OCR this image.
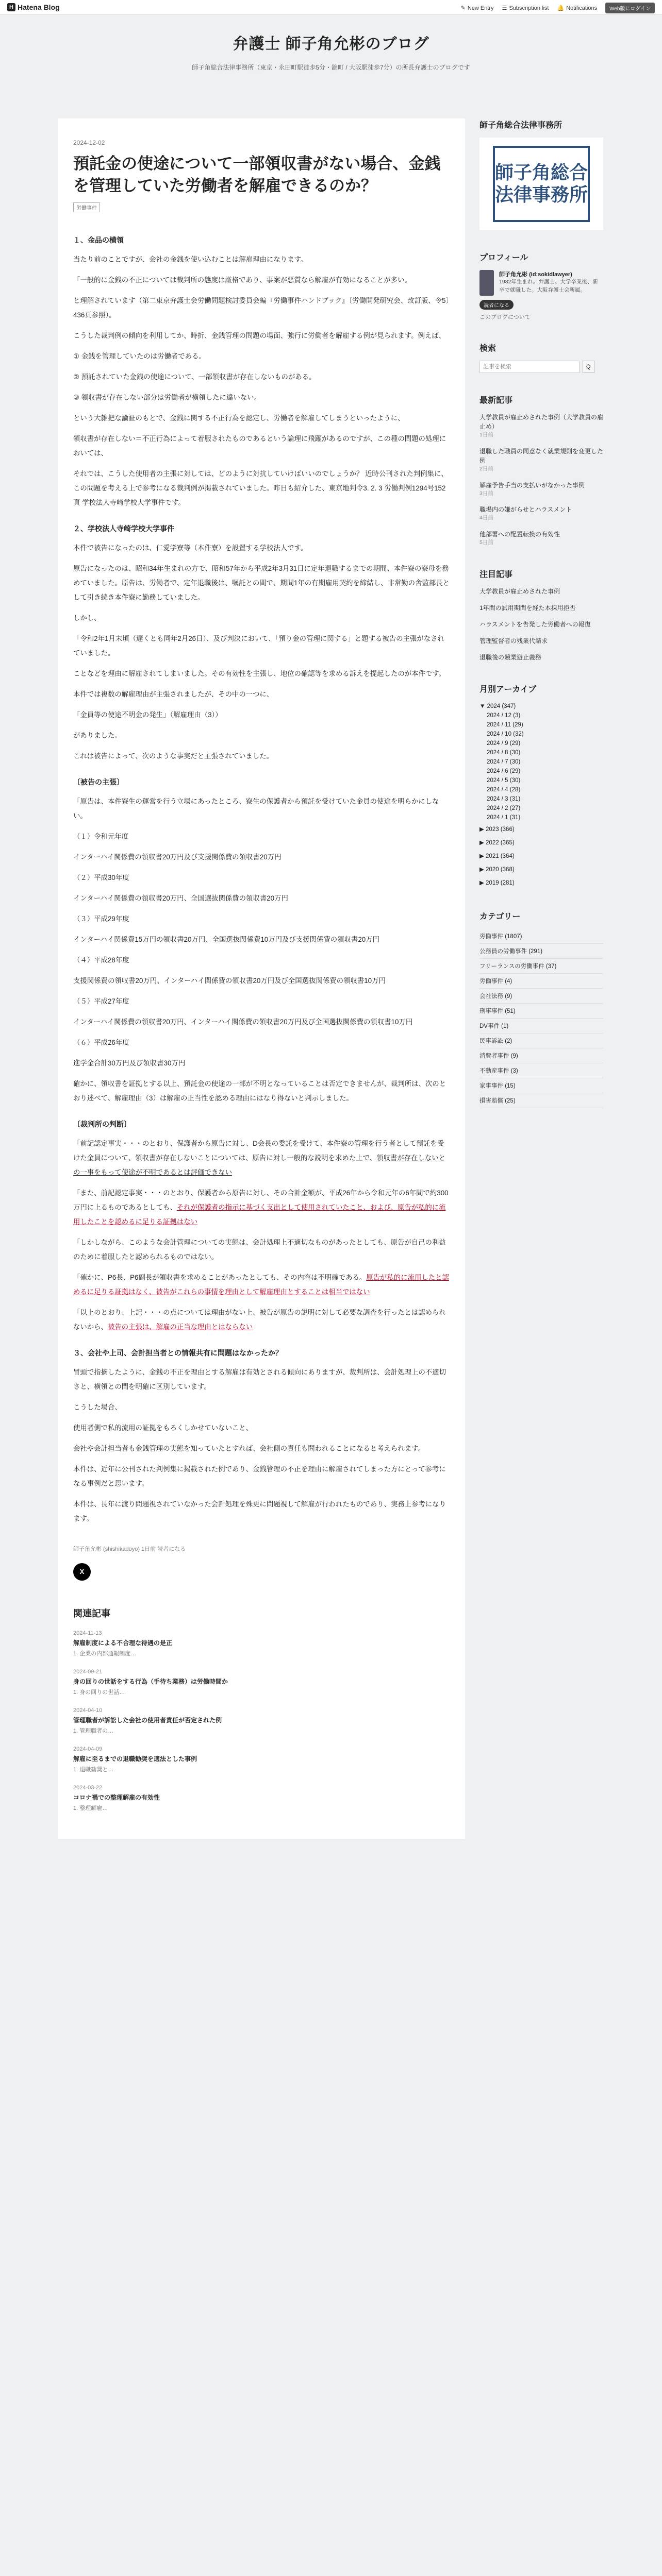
H Hatena Blog	✎ New Entry ☰ Subscription list 🔔 Notifications	Web版にログイン
弁護士 師子角允彬のブログ
師子角総合法律事務所（東京・永田町駅徒歩5分・錦町 / 大阪駅徒歩7分）の所長弁護士のブログです
2024-12-02
預託金の使途について一部領収書がない場合、金銭を管理していた労働者を解雇できるのか？
労働事件
１、金品の横領

当たり前のことですが、会社の金銭を使い込むことは解雇理由になります。

「一般的に金銭の不正については裁判所の態度は厳格であり、事案が悪質なら解雇が有効になることが多い。

と理解されています（第二東京弁護士会労働問題検討委員会編『労働事件ハンドブック』〔労働開発研究会、改訂版、令5〕436頁参照）。

こうした裁判例の傾向を利用してか、時折、金銭管理の問題の場面、強行に労働者を解雇する例が見られます。例えば、

① 金銭を管理していたのは労働者である。

② 預託されていた金銭の使途について、一部領収書が存在しないものがある。

③ 領収書が存在しない部分は労働者が横領したに違いない。

という大雑把な論証のもとで、金銭に関する不正行為を認定し、労働者を解雇してしまうといったように、

領収書が存在しない＝不正行為によって着服されたものであるという論理に飛躍があるのですが、この種の問題の処理においては、

それでは、こうした使用者の主張に対しては、どのように対抗していけばいいのでしょうか？ 近時公刊された判例集に、この問題を考える上で参考になる裁判例が掲載されていました。昨日も紹介した、東京地判令3. 2. 3 労働判例1294号152頁 学校法人寺崎学校大学事件です。

２、学校法人寺崎学校大学事件

本件で被告になったのは、仁愛学寮等（本件寮）を設置する学校法人です。

原告になったのは、昭和34年生まれの方で、昭和57年から平成2年3月31日に定年退職するまでの期間、本件寮の寮母を務めていました。原告は、労働者で、定年退職後は、嘱託との間で、期間1年の有期雇用契約を締結し、非常勤の舎監部長として引き続き本件寮に勤務していました。

しかし、

「令和2年1月末頃（遅くとも同年2月26日）、及び判決において、「預り金の管理に関する」と題する被告の主張がなされていました。

ことなどを理由に解雇されてしまいました。その有効性を主張し、地位の確認等を求める訴えを提起したのが本件です。

本件では複数の解雇理由が主張されましたが、その中の一つに、

「金員等の使途不明金の発生」（解雇理由（3））

がありました。

これは被告によって、次のような事実だと主張されていました。

〔被告の主張〕

「原告は、本件寮生の運営を行う立場にあったところ、寮生の保護者から預託を受けていた金員の使途を明らかにしない。

（１）令和元年度

インターハイ関係費の領収書20万円及び支援関係費の領収書20万円

（２）平成30年度

インターハイ関係費の領収書20万円、全国選抜関係費の領収書20万円

（３）平成29年度

インターハイ関係費15万円の領収書20万円、全国選抜関係費10万円及び支援関係費の領収書20万円

（４）平成28年度

支援関係費の領収書20万円、インターハイ関係費の領収書20万円及び全国選抜関係費の領収書10万円

（５）平成27年度

インターハイ関係費の領収書20万円、インターハイ関係費の領収書20万円及び全国選抜関係費の領収書10万円

（６）平成26年度

進学金合計30万円及び領収書30万円

確かに、領収書を証拠とする以上、預託金の使途の一部が不明となっていることは否定できませんが、裁判所は、次のとおり述べて、解雇理由（3）は解雇の正当性を認める理由にはなり得ないと判示しました。

〔裁判所の判断〕

「前記認定事実・・・のとおり、保護者から原告に対し、D会長の委託を受けて、本件寮の管理を行う者として預託を受けた金員について、領収書が存在しないことについては、原告に対し一般的な説明を求めた上で、領収書が存在しないとの一事をもって使途が不明であるとは評価できない

「また、前記認定事実・・・のとおり、保護者から原告に対し、その合計金額が、平成26年から令和元年の6年間で約300万円に上るものであるとしても、それが保護者の指示に基づく支出として使用されていたこと、および、原告が私的に流用したことを認めるに足りる証拠はない

「しかしながら、このような会計管理についての実態は、会計処理上不適切なものがあったとしても、原告が自己の利益のために着服したと認められるものではない。

「確かに、P6長、P6副長が領収書を求めることがあったとしても、その内容は不明確である。原告が私的に流用したと認めるに足りる証拠はなく、被告がこれらの事情を理由として解雇理由とすることは相当ではない

「以上のとおり、上記・・・の点については理由がない上、被告が原告の説明に対して必要な調査を行ったとは認められないから、被告の主張は、解雇の正当な理由とはならない

３、会社や上司、会計担当者との情報共有に問題はなかったか？

冒頭で指摘したように、金銭の不正を理由とする解雇は有効とされる傾向にありますが、裁判所は、会計処理上の不適切さと、横領との間を明確に区別しています。

こうした場合、

使用者側で私的流用の証拠をもろくしかせていないこと、

会社や会計担当者も金銭管理の実態を知っていたとすれば、会社側の責任も問われることになると考えられます。

本件は、近年に公刊された判例集に掲載された例であり、金銭管理の不正を理由に解雇されてしまった方にとって参考になる事例だと思います。

本件は、長年に渡り問題視されていなかった会計処理を殊更に問題視して解雇が行われたものであり、実務上参考になります。

師子角允彬 (shishikadoyo) 1日前 読者になる
X
関連記事
2024-11-13
解雇制度による不合理な待遇の是正
1. 企業の内部通報制度…
2024-09-21
身の回りの世話をする行為（手待ち業務）は労働時間か
1. 身の回りの世話…
2024-04-10
管理職者が訴訟した会社の使用者責任が否定された例
1. 管理職者の…
2024-04-09
解雇に至るまでの退職勧奨を適法とした事例
1. 退職勧奨と…
2024-03-22
コロナ禍での整理解雇の有効性
1. 整理解雇…
師子角総合法律事務所
師子角総合
法律事務所
プロフィール
師子角允彬 (id:sokidlawyer)
1982年生まれ。弁護士。大学卒業後、新卒で就職した。大阪弁護士会所属。
読者になる
このブログについて
検索
記事を検索
Q
最新記事
大学教員が雇止めされた事例（大学教員の雇止め）
1日前
退職した職員の同意なく就業規則を変更した例
2日前
解雇予告手当の支払いがなかった事例
3日前
職場内の嫌がらせとハラスメント
4日前
他部署への配置転換の有効性
5日前
注目記事
大学教員が雇止めされた事例
1年間の試用期間を経た本採用拒否
ハラスメントを告発した労働者への報復
管理監督者の残業代請求
退職後の競業避止義務
月別アーカイブ
▼ 2024 (347)
2024 / 12 (3)
2024 / 11 (29)
2024 / 10 (32)
2024 / 9 (29)
2024 / 8 (30)
2024 / 7 (30)
2024 / 6 (29)
2024 / 5 (30)
2024 / 4 (28)
2024 / 3 (31)
2024 / 2 (27)
2024 / 1 (31)
▶ 2023 (366)
▶ 2022 (365)
▶ 2021 (364)
▶ 2020 (368)
▶ 2019 (281)
カテゴリー
労働事件 (1807)
公務員の労働事件 (291)
フリーランスの労働事件 (37)
労働事件 (4)
会社法務 (9)
刑事事件 (51)
DV事件 (1)
民事訴訟 (2)
消費者事件 (9)
不動産事件 (3)
家事事件 (15)
損害賠償 (25)
